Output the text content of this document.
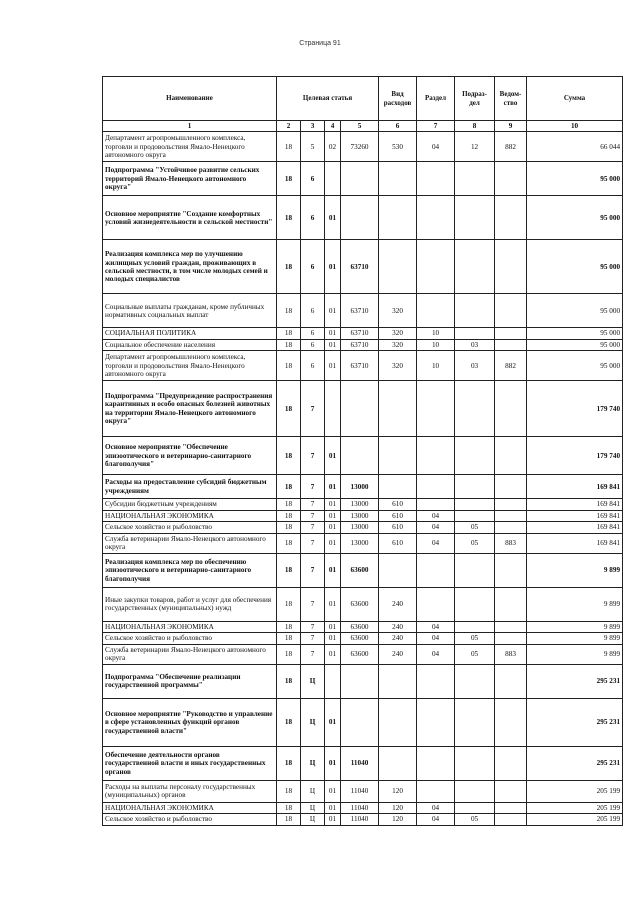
Страница 91
Наименование	Целевая статья				Вид расходов	Раздел	Подраз-дел	Ведом-ство	Сумма
1	2	3	4	5	6	7	8	9	10
Департамент агропромышленного комплекса, торговли и продовольствия Ямало-Ненецкого автономного округа	18	5	02	73260	530	04	12	882	66 044
Подпрограмма "Устойчивое развитие сельских территорий Ямало-Ненецкого автономного округа"	18	6							95 000
Основное мероприятие "Создание комфортных условий жизнедеятельности в сельской местности"	18	6	01						95 000
Реализация комплекса мер по улучшению жилищных условий граждан, проживающих в сельской местности, в том числе молодых семей и молодых специалистов	18	6	01	63710					95 000
Социальные выплаты гражданам, кроме публичных нормативных социальных выплат	18	6	01	63710	320				95 000
СОЦИАЛЬНАЯ ПОЛИТИКА	18	6	01	63710	320	10			95 000
Социальное обеспечение населения	18	6	01	63710	320	10	03		95 000
Департамент агропромышленного комплекса, торговли и продовольствия Ямало-Ненецкого автономного округа	18	6	01	63710	320	10	03	882	95 000
Подпрограмма "Предупреждение распространения карантинных и особо опасных болезней животных на территории Ямало-Ненецкого автономного округа"	18	7							179 740
Основное мероприятие "Обеспечение эпизоотического и ветеринарно-санитарного благополучия"	18	7	01						179 740
Расходы на предоставление субсидий бюджетным учреждениям	18	7	01	13000					169 841
Субсидии бюджетным учреждениям	18	7	01	13000	610				169 841
НАЦИОНАЛЬНАЯ ЭКОНОМИКА	18	7	01	13000	610	04			169 841
Сельское хозяйство и рыболовство	18	7	01	13000	610	04	05		169 841
Служба ветеринарии Ямало-Ненецкого автономного округа	18	7	01	13000	610	04	05	883	169 841
Реализация комплекса мер по обеспечению эпизоотического и ветеринарно-санитарного благополучия	18	7	01	63600					9 899
Иные закупки товаров, работ и услуг для обеспечения государственных (муниципальных) нужд	18	7	01	63600	240				9 899
НАЦИОНАЛЬНАЯ ЭКОНОМИКА	18	7	01	63600	240	04			9 899
Сельское хозяйство и рыболовство	18	7	01	63600	240	04	05		9 899
Служба ветеринарии Ямало-Ненецкого автономного округа	18	7	01	63600	240	04	05	883	9 899
Подпрограмма "Обеспечение реализации государственной программы"	18	Ц							295 231
Основное мероприятие "Руководство и управление в сфере установленных функций органов государственной власти"	18	Ц	01						295 231
Обеспечение деятельности органов государственной власти и иных государственных органов	18	Ц	01	11040					295 231
Расходы на выплаты персоналу государственных (муниципальных) органов	18	Ц	01	11040	120				205 199
НАЦИОНАЛЬНАЯ ЭКОНОМИКА	18	Ц	01	11040	120	04			205 199
Сельское хозяйство и рыболовство	18	Ц	01	11040	120	04	05		205 199
